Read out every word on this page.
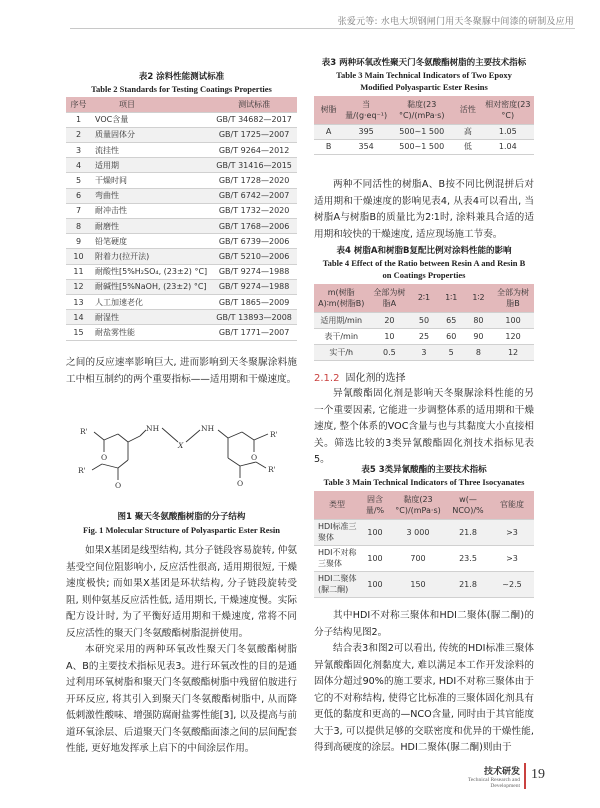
张爱元等: 水电大坝钢闸门用天冬聚脲中间漆的研制及应用
表2 涂料性能测试标准
Table 2 Standards for Testing Coatings Properties
序号	项目	测试标准
1	VOC含量	GB/T 34682—2017
2	质量固体分	GB/T 1725—2007
3	流挂性	GB/T 9264—2012
4	适用期	GB/T 31416—2015
5	干燥时间	GB/T 1728—2020
6	弯曲性	GB/T 6742—2007
7	耐冲击性	GB/T 1732—2020
8	耐磨性	GB/T 1768—2006
9	铅笔硬度	GB/T 6739—2006
10	附着力(拉开法)	GB/T 5210—2006
11	耐酸性[5%H₂SO₄, (23±2) °C]	GB/T 9274—1988
12	耐碱性[5%NaOH, (23±2) °C]	GB/T 9274—1988
13	人工加速老化	GB/T 1865—2009
14	耐湿性	GB/T 13893—2008
15	耐盐雾性能	GB/T 1771—2007
之间的反应速率影响巨大, 进而影响到天冬聚脲涂料施工中相互制约的两个重要指标——适用期和干燥速度。
R'
O
NH
X
NH
O
R'
O
R'
O
R'
图1 聚天冬氨酸酯树脂的分子结构
Fig. 1 Molecular Structure of Polyaspartic Ester Resin
如果X基团是线型结构, 其分子链段容易旋转, 仲氨基受空间位阻影响小, 反应活性很高, 适用期很短, 干燥速度极快; 而如果X基团是环状结构, 分子链段旋转受阻, 则仲氨基反应活性低, 适用期长, 干燥速度慢。实际配方设计时, 为了平衡好适用期和干燥速度, 常将不同反应活性的聚天门冬氨酸酯树脂混拼使用。
本研究采用的两种环氧改性聚天门冬氨酸酯树脂A、B的主要技术指标见表3。进行环氧改性的目的是通过利用环氧树脂和聚天门冬氨酸酯树脂中残留伯胺进行开环反应, 将其引入到聚天门冬氨酸酯树脂中, 从而降低刺激性酸味、增强防腐耐盐雾性能[3], 以及提高与前道环氧涂层、后道聚天门冬氨酸酯面漆之间的层间配套性能, 更好地发挥承上启下的中间涂层作用。
表3 两种环氧改性聚天门冬氨酸酯树脂的主要技术指标
Table 3 Main Technical Indicators of Two Epoxy
Modified Polyaspartic Ester Resins
树脂	当量/(g·eq⁻¹)	黏度(23 °C)/(mPa·s)	活性	相对密度(23 °C)
A	395	500~1 500	高	1.05
B	354	500~1 500	低	1.04
两种不同活性的树脂A、B按不同比例混拼后对适用期和干燥速度的影响见表4, 从表4可以看出, 当树脂A与树脂B的质量比为2∶1时, 涂料兼具合适的适用期和较快的干燥速度, 适应现场施工节奏。
表4 树脂A和树脂B复配比例对涂料性能的影响
Table 4 Effect of the Ratio between Resin A and Resin B
on Coatings Properties
m(树脂A)∶m(树脂B)	全部为树脂A	2∶1	1∶1	1∶2	全部为树脂B
适用期/min	20	50	65	80	100
表干/min	10	25	60	90	120
实干/h	0.5	3	5	8	12
2.1.2 固化剂的选择
异氰酸酯固化剂是影响天冬聚脲涂料性能的另一个重要因素, 它能进一步调整体系的适用期和干燥速度, 整个体系的VOC含量与也与其黏度大小直接相关。筛选比较的3类异氰酸酯固化剂技术指标见表5。
表5 3类异氰酸酯的主要技术指标
Table 3 Main Technical Indicators of Three Isocyanates
类型	固含量/%	黏度(23 °C)/(mPa·s)	w(—NCO)/%	官能度
HDI标准三聚体	100	3 000	21.8	>3
HDI不对称三聚体	100	700	23.5	>3
HDI二聚体(脲二酮)	100	150	21.8	~2.5
其中HDI不对称三聚体和HDI二聚体(脲二酮)的分子结构见图2。
结合表3和图2可以看出, 传统的HDI标准三聚体异氰酸酯固化剂黏度大, 难以满足本工作开发涂料的固体分超过90%的施工要求, HDI不对称三聚体由于它的不对称结构, 使得它比标准的三聚体固化剂具有更低的黏度和更高的—NCO含量, 同时由于其官能度大于3, 可以提供足够的交联密度和优异的干燥性能, 得到高硬度的涂层。HDI二聚体(脲二酮)则由于
技术研发
Technical Research and Development
19
